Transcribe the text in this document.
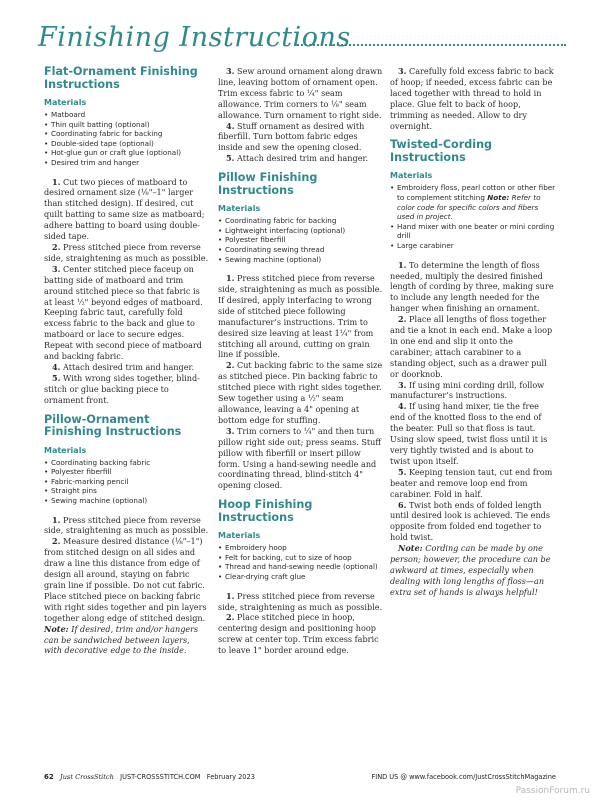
Finishing Instructions
Flat-Ornament Finishing Instructions
Materials
• Matboard
• Thin quilt batting (optional)
• Coordinating fabric for backing
• Double-sided tape (optional)
• Hot-glue gun or craft glue (optional)
• Desired trim and hanger

1. Cut two pieces of matboard to desired ornament size (⅛"–1" larger than stitched design). If desired, cut quilt batting to same size as matboard; adhere batting to board using double-sided tape.

2. Press stitched piece from reverse side, straightening as much as possible.

3. Center stitched piece faceup on batting side of matboard and trim around stitched piece so that fabric is at least ½" beyond edges of matboard. Keeping fabric taut, carefully fold excess fabric to the back and glue to matboard or lace to secure edges. Repeat with second piece of matboard and backing fabric.

4. Attach desired trim and hanger.

5. With wrong sides together, blind-stitch or glue backing piece to ornament front.

Pillow-Ornament Finishing Instructions
Materials
• Coordinating backing fabric
• Polyester fiberfill
• Fabric-marking pencil
• Straight pins
• Sewing machine (optional)

1. Press stitched piece from reverse side, straightening as much as possible.

2. Measure desired distance (⅛"–1") from stitched design on all sides and draw a line this distance from edge of design all around, staying on fabric grain line if possible. Do not cut fabric. Place stitched piece on backing fabric with right sides together and pin layers together along edge of stitched design.

Note: If desired, trim and/or hangers can be sandwiched between layers, with decorative edge to the inside.

3. Sew around ornament along drawn line, leaving bottom of ornament open. Trim excess fabric to ¼" seam allowance. Trim corners to ⅛" seam allowance. Turn ornament to right side.

4. Stuff ornament as desired with fiberfill. Turn bottom fabric edges inside and sew the opening closed.

5. Attach desired trim and hanger.

Pillow Finishing Instructions
Materials
• Coordinating fabric for backing
• Lightweight interfacing (optional)
• Polyester fiberfill
• Coordinating sewing thread
• Sewing machine (optional)

1. Press stitched piece from reverse side, straightening as much as possible. If desired, apply interfacing to wrong side of stitched piece following manufacturer’s instructions. Trim to desired size leaving at least 1¼" from stitching all around, cutting on grain line if possible.

2. Cut backing fabric to the same size as stitched piece. Pin backing fabric to stitched piece with right sides together. Sew together using a ½" seam allowance, leaving a 4" opening at bottom edge for stuffing.

3. Trim corners to ¼" and then turn pillow right side out; press seams. Stuff pillow with fiberfill or insert pillow form. Using a hand-sewing needle and coordinating thread, blind-stitch 4" opening closed.

Hoop Finishing Instructions
Materials
• Embroidery hoop
• Felt for backing, cut to size of hoop
• Thread and hand-sewing needle (optional)
• Clear-drying craft glue

1. Press stitched piece from reverse side, straightening as much as possible.

2. Place stitched piece in hoop, centering design and positioning hoop screw at center top. Trim excess fabric to leave 1" border around edge.

3. Carefully fold excess fabric to back of hoop; if needed, excess fabric can be laced together with thread to hold in place. Glue felt to back of hoop, trimming as needed. Allow to dry overnight.

Twisted-Cording Instructions
Materials
• Embroidery floss, pearl cotton or other fiber to complement stitching Note: Refer to color code for specific colors and fibers used in project.
• Hand mixer with one beater or mini cording drill
• Large carabiner

1. To determine the length of floss needed, multiply the desired finished length of cording by three, making sure to include any length needed for the hanger when finishing an ornament.

2. Place all lengths of floss together and tie a knot in each end. Make a loop in one end and slip it onto the carabiner; attach carabiner to a standing object, such as a drawer pull or doorknob.

3. If using mini cording drill, follow manufacturer’s instructions.

4. If using hand mixer, tie the free end of the knotted floss to the end of the beater. Pull so that floss is taut. Using slow speed, twist floss until it is very tightly twisted and is about to twist upon itself.

5. Keeping tension taut, cut end from beater and remove loop end from carabiner. Fold in half.

6. Twist both ends of folded length until desired look is achieved. Tie ends opposite from folded end together to hold twist.

Note: Cording can be made by one person; however, the procedure can be awkward at times, especially when dealing with long lengths of floss—an extra set of hands is always helpful!

62 Just CrossStitch JUST-CROSSSTITCH.COM February 2023	FIND US @ www.facebook.com/JustCrossStitchMagazine
PassionForum.ru
